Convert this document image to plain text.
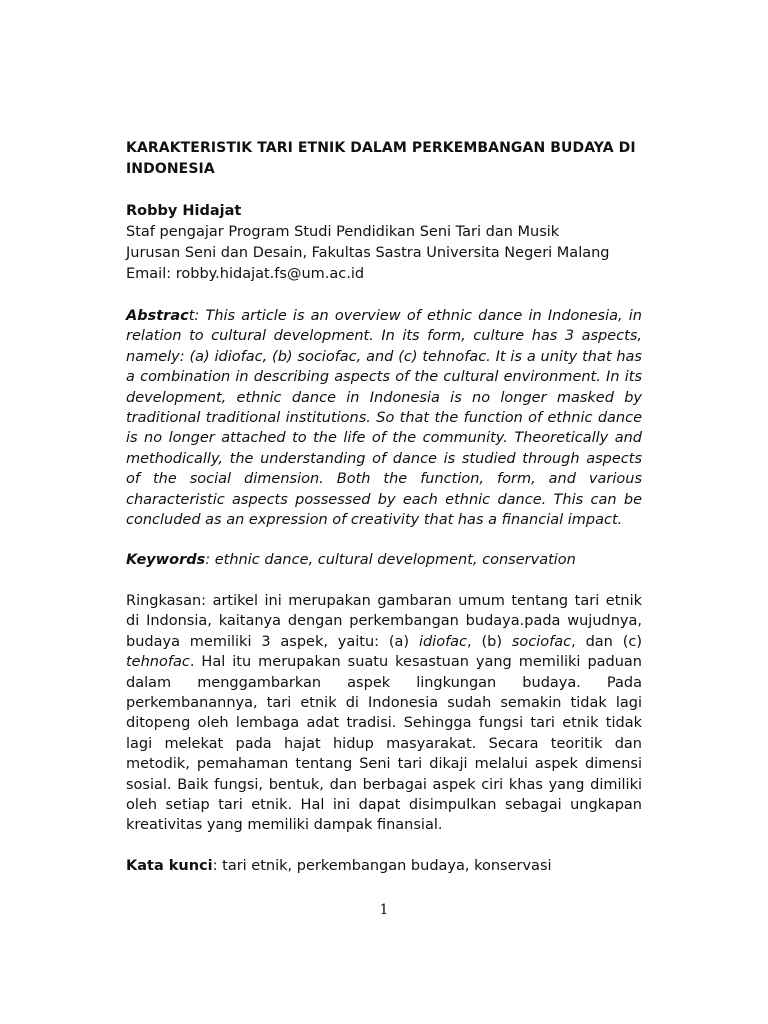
KARAKTERISTIK TARI ETNIK DALAM PERKEMBANGAN BUDAYA DI INDONESIA

Robby Hidajat
Staf pengajar Program Studi Pendidikan Seni Tari dan Musik
Jurusan Seni dan Desain, Fakultas Sastra Universita Negeri Malang
Email: robby.hidajat.fs@um.ac.id
Abstract: This article is an overview of ethnic dance in Indonesia, in relation to cultural development. In its form, culture has 3 aspects, namely: (a) idiofac, (b) sociofac, and (c) tehnofac. It is a unity that has a combination in describing aspects of the cultural environment. In its development, ethnic dance in Indonesia is no longer masked by traditional traditional institutions. So that the function of ethnic dance is no longer attached to the life of the community. Theoretically and methodically, the understanding of dance is studied through aspects of the social dimension. Both the function, form, and various characteristic aspects possessed by each ethnic dance. This can be concluded as an expression of creativity that has a financial impact.
Keywords: ethnic dance, cultural development, conservation
Ringkasan: artikel ini merupakan gambaran umum tentang tari etnik di Indonsia, kaitanya dengan perkembangan budaya.pada wujudnya, budaya memiliki 3 aspek, yaitu: (a) idiofac, (b) sociofac, dan (c) tehnofac. Hal itu merupakan suatu kesastuan yang memiliki paduan dalam menggambarkan aspek lingkungan budaya. Pada perkembanannya, tari etnik di Indonesia sudah semakin tidak lagi ditopeng oleh lembaga adat tradisi. Sehingga fungsi tari etnik tidak lagi melekat pada hajat hidup masyarakat. Secara teoritik dan metodik, pemahaman tentang Seni tari dikaji melalui aspek dimensi sosial. Baik fungsi, bentuk, dan berbagai aspek ciri khas yang dimiliki oleh setiap tari etnik. Hal ini dapat disimpulkan sebagai ungkapan kreativitas yang memiliki dampak finansial.
Kata kunci: tari etnik, perkembangan budaya, konservasi
1
